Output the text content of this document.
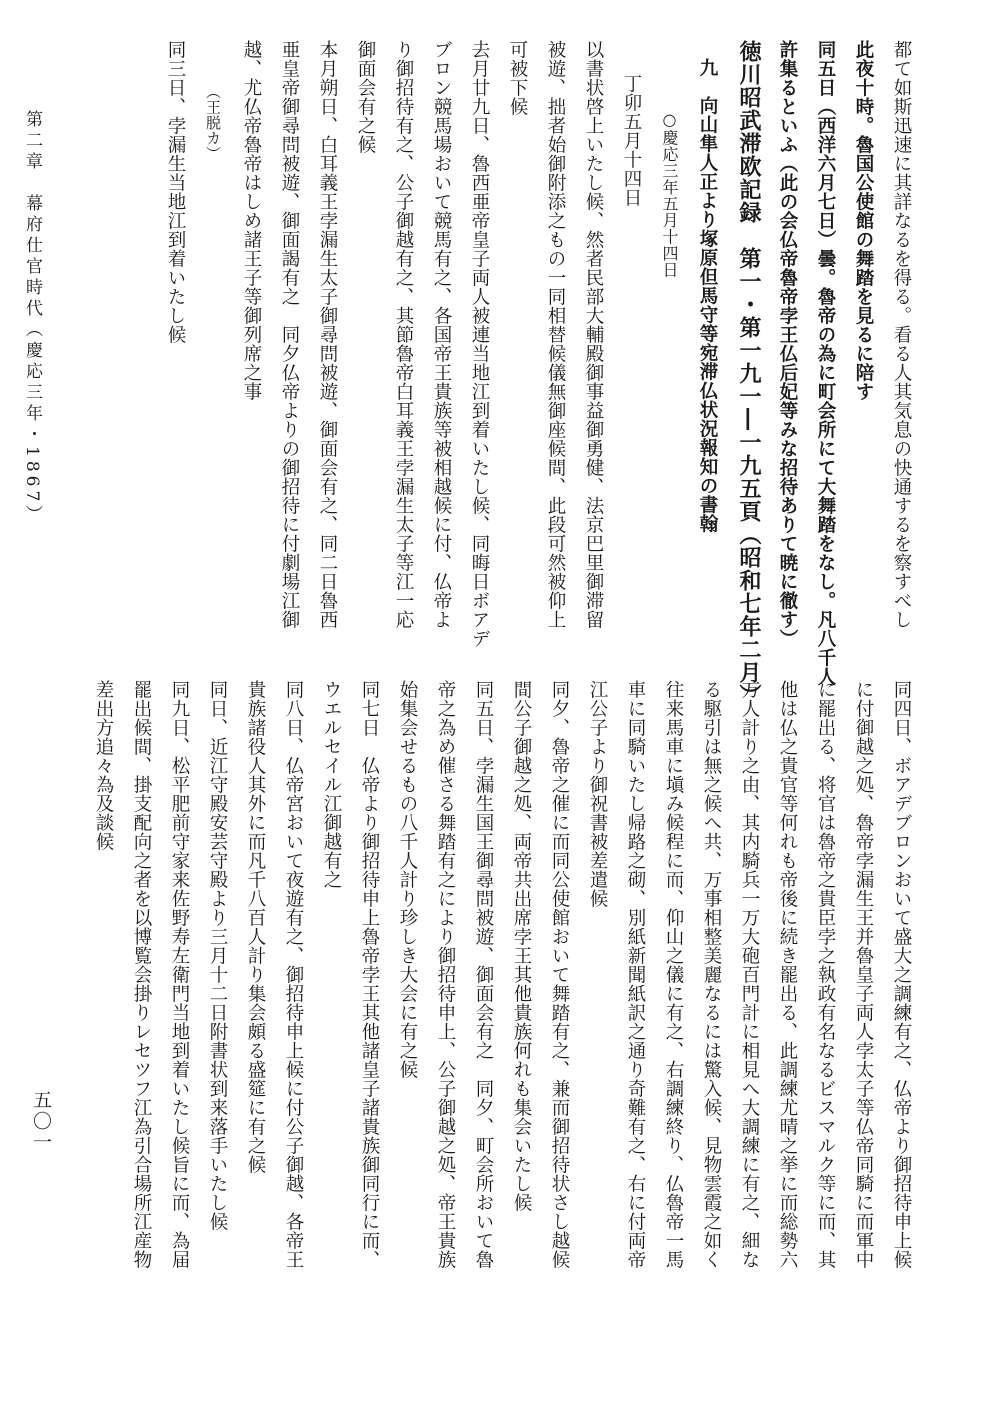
都て如斯迅速に其詳なるを得る。看る人其気息の快通するを察すべし
此夜十時。魯国公使館の舞踏を見るに陪す
同五日（西洋六月七日）曇。魯帝の為に町会所にて大舞踏をなし。凡八千人
許集るといふ（此の会仏帝魯帝孛王仏后妃等みな招待ありて暁に徹す）
徳川昭武滞欧記録　第一・第一九一―一九五頁（昭和七年二月）
九　向山隼人正より塚原但馬守等宛滞仏状況報知の書翰
○慶応三年五月十四日
丁卯五月十四日
以書状啓上いたし候、然者民部大輔殿御事益御勇健、法京巴里御滞留
被遊、拙者始御附添之もの一同相替候儀無御座候間、此段可然被仰上
可被下候
去月廿九日、魯西亜帝皇子両人被連当地江到着いたし候、同晦日ボアデ
ブロン競馬場おいて競馬有之、各国帝王貴族等被相越候に付、仏帝よ
り御招待有之、公子御越有之、其節魯帝白耳義王孛漏生太子等江一応
御面会有之候
本月朔日、白耳義王孛漏生太子御尋問被遊、御面会有之、同二日魯西
亜皇帝御尋問被遊、御面謁有之　同夕仏帝よりの御招待に付劇場江御
越、尤仏帝魯帝はしめ諸王子等御列席之事
（王脱カ）
同三日、孛漏生当地江到着いたし候
同四日、ボアデブロンおいて盛大之調練有之、仏帝より御招待申上候
に付御越之処、魯帝孛漏生王并魯皇子両人孛太子等仏帝同騎に而軍中
に罷出る、将官は魯帝之貴臣孛之執政有名なるビスマルク等に而、其
他は仏之貴官等何れも帝後に続き罷出る、此調練尤晴之挙に而総勢六
万人計り之由、其内騎兵一万大砲百門計に相見へ大調練に有之、細な
る駆引は無之候へ共、万事相整美麗なるには驚入候、見物雲霞之如く
往来馬車に塡み候程に而、仰山之儀に有之、右調練終り、仏魯帝一馬
車に同騎いたし帰路之砌、別紙新聞紙訳之通り奇難有之、右に付両帝
江公子より御祝書被差遣候
同夕、魯帝之催に而同公使館おいて舞踏有之、兼而御招待状さし越候
間公子御越之処、両帝共出席孛王其他貴族何れも集会いたし候
同五日、孛漏生国王御尋問被遊、御面会有之　同夕、町会所おいて魯
帝之為め催さる舞踏有之により御招待申上、公子御越之処、帝王貴族
始集会せるもの八千人計り珍しき大会に有之候
同七日　仏帝より御招待申上魯帝孛王其他諸皇子諸貴族御同行に而、
ウエルセイル江御越有之
同八日、仏帝宮おいて夜遊有之、御招待申上候に付公子御越、各帝王
貴族諸役人其外に而凡千八百人計り集会頗る盛筵に有之候
同日、近江守殿安芸守殿より三月十二日附書状到来落手いたし候
同九日、松平肥前守家来佐野寿左衛門当地到着いたし候旨に而、為届
罷出候間、掛支配向之者を以博覧会掛りレセツフ江為引合場所江産物
差出方追々為及談候
第二章　幕府仕官時代（慶応三年・1867）
五〇一
